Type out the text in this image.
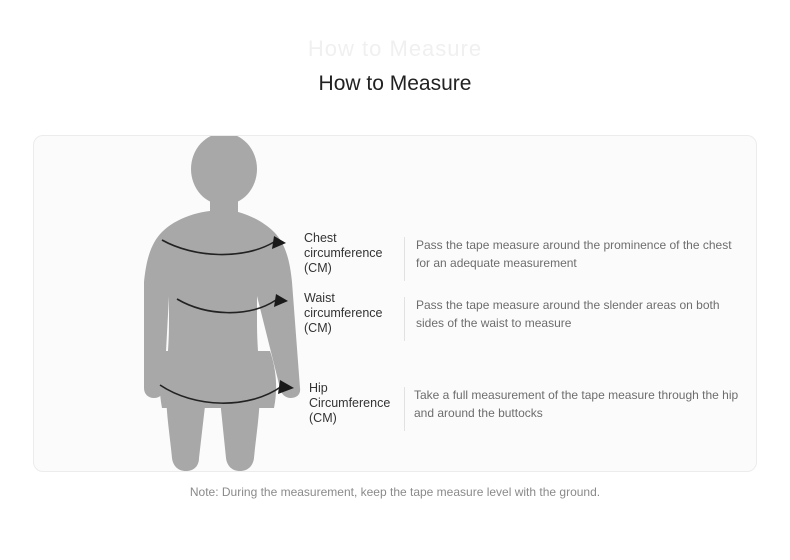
How to Measure
How to Measure
Chest circumference (CM)
Pass the tape measure around the prominence of the chest for an adequate measurement
Waist circumference (CM)
Pass the tape measure around the slender areas on both sides of the waist to measure
Hip Circumference (CM)
Take a full measurement of the tape measure through the hip and around the buttocks
Note: During the measurement, keep the tape measure level with the ground.
